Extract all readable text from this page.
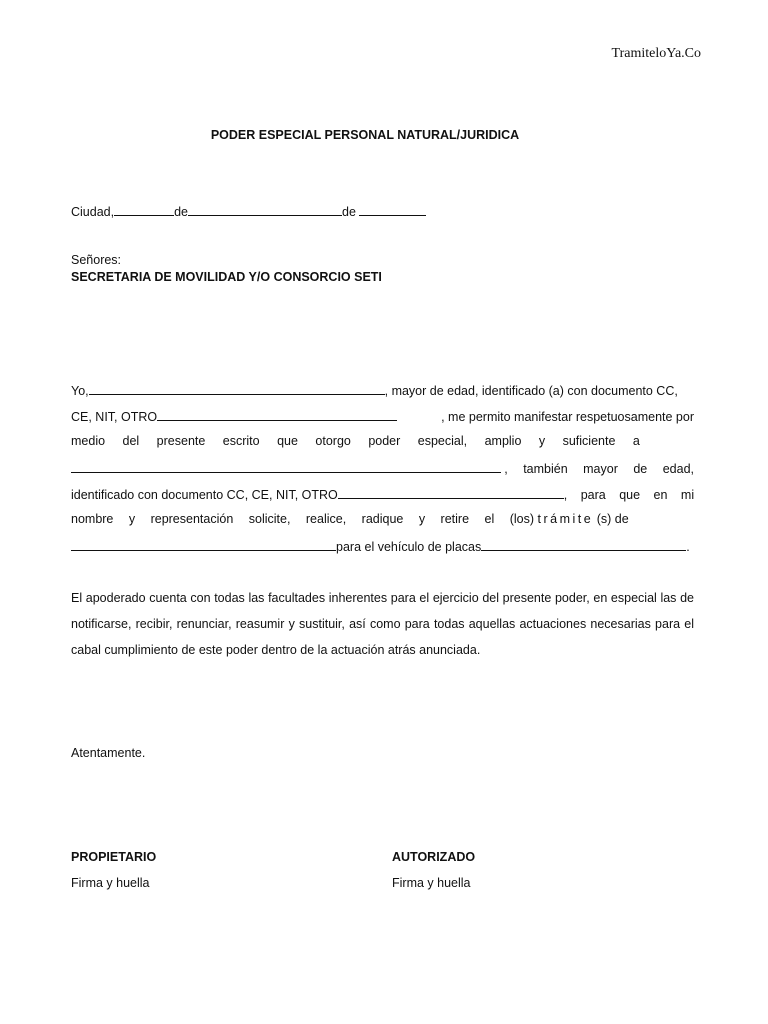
TramiteloYa.Co
PODER ESPECIAL PERSONAL NATURAL/JURIDICA
Ciudad,	de	de
Señores:
SECRETARIA DE MOVILIDAD Y/O CONSORCIO SETI
Yo,	, mayor de edad, identificado (a) con documento CC,
CE, NIT, OTRO	, me permito manifestar respetuosamente por
medio del presente escrito que otorgo poder especial, amplio y suficiente a
, también mayor de edad,
identificado con documento CC, CE, NIT, OTRO	, para que en mi
nombre y representación solicite, realice, radique y retire el (los)
trámite
(s) de
para el vehículo de placas	.
El apoderado cuenta con todas las facultades inherentes para el ejercicio del presente poder, en especial las de notificarse, recibir, renunciar, reasumir y sustituir, así como para todas aquellas actuaciones necesarias para el cabal cumplimiento de este poder dentro de la actuación atrás anunciada.
Atentamente.
PROPIETARIO
Firma y huella
AUTORIZADO
Firma y huella
